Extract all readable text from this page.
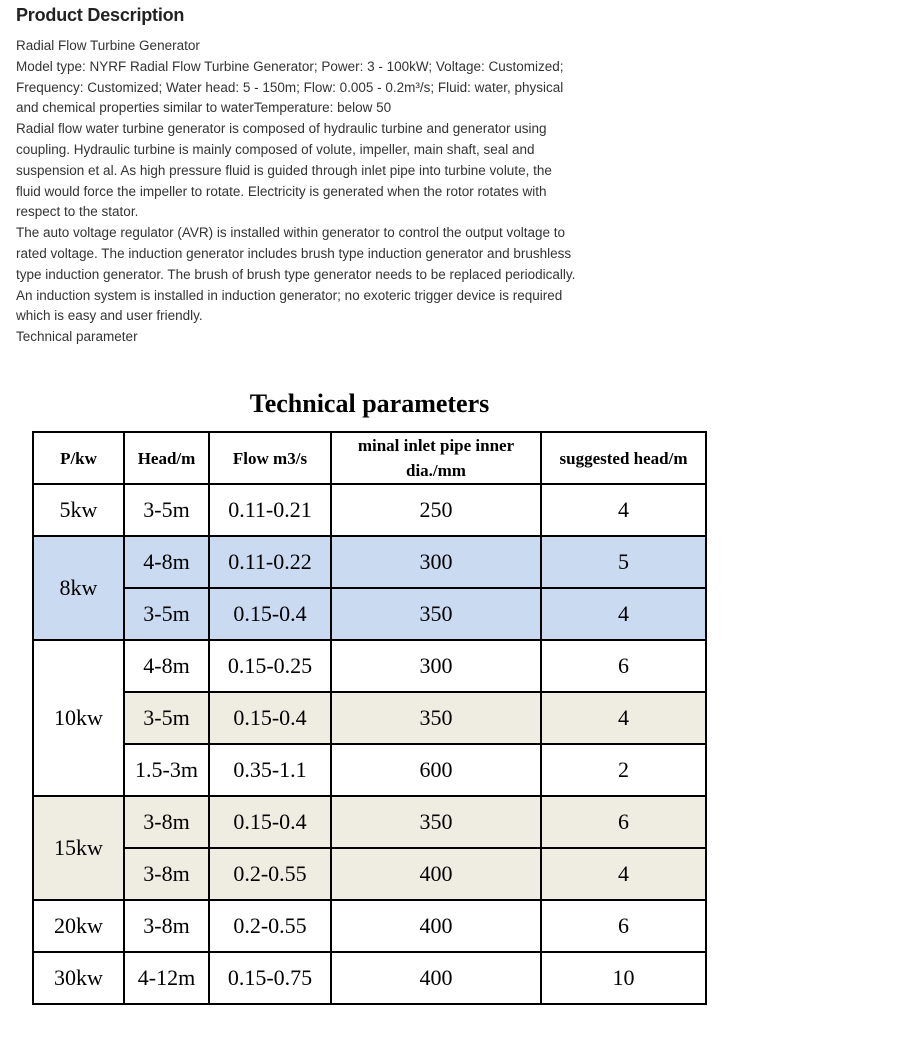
Product Description

Radial Flow Turbine Generator

Model type: NYRF Radial Flow Turbine Generator; Power: 3 - 100kW; Voltage: Customized; Frequency: Customized; Water head: 5 - 150m; Flow: 0.005 - 0.2m³/s; Fluid: water, physical and chemical properties similar to waterTemperature: below 50

Radial flow water turbine generator is composed of hydraulic turbine and generator using coupling. Hydraulic turbine is mainly composed of volute, impeller, main shaft, seal and suspension et al. As high pressure fluid is guided through inlet pipe into turbine volute, the fluid would force the impeller to rotate. Electricity is generated when the rotor rotates with respect to the stator.

The auto voltage regulator (AVR) is installed within generator to control the output voltage to rated voltage. The induction generator includes brush type induction generator and brushless type induction generator. The brush of brush type generator needs to be replaced periodically. An induction system is installed in induction generator; no exoteric trigger device is required which is easy and user friendly.

Technical parameter

Technical parameters
P/kw	Head/m	Flow m3/s	minal inlet pipe inner dia./mm	suggested head/m
5kw	3-5m	0.11-0.21	250	4
8kw	4-8m	0.11-0.22	300	5
	3-5m	0.15-0.4	350	4
10kw	4-8m	0.15-0.25	300	6
	3-5m	0.15-0.4	350	4
	1.5-3m	0.35-1.1	600	2
15kw	3-8m	0.15-0.4	350	6
	3-8m	0.2-0.55	400	4
20kw	3-8m	0.2-0.55	400	6
30kw	4-12m	0.15-0.75	400	10
